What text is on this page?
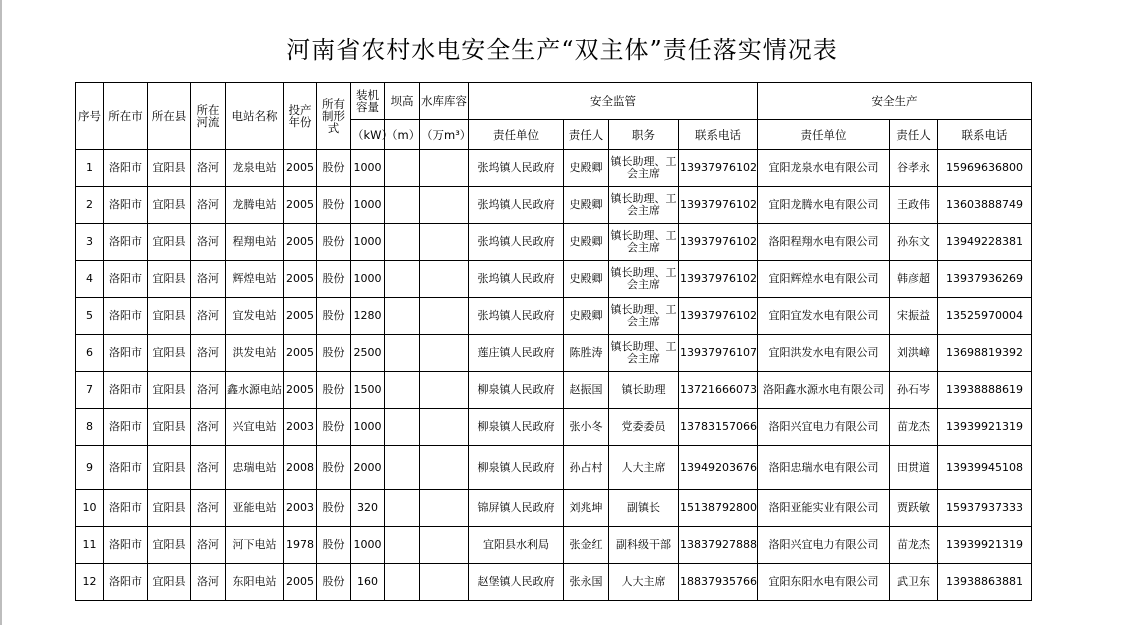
河南省农村水电安全生产“双主体”责任落实情况表
序号	所在市	所在县	所在河流	电站名称	投产年份	所有制形式	装机容量	坝高	水库库容	安全监管				安全生产		
							（kW）	（m）	（万m³）	责任单位	责任人	职务	联系电话	责任单位	责任人	联系电话
1	洛阳市	宜阳县	洛河	龙泉电站	2005	股份	1000			张坞镇人民政府	史殿卿	镇长助理、工会主席	13937976102	宜阳龙泉水电有限公司	谷孝永	15969636800
2	洛阳市	宜阳县	洛河	龙腾电站	2005	股份	1000			张坞镇人民政府	史殿卿	镇长助理、工会主席	13937976102	宜阳龙腾水电有限公司	王政伟	13603888749
3	洛阳市	宜阳县	洛河	程翔电站	2005	股份	1000			张坞镇人民政府	史殿卿	镇长助理、工会主席	13937976102	洛阳程翔水电有限公司	孙东文	13949228381
4	洛阳市	宜阳县	洛河	辉煌电站	2005	股份	1000			张坞镇人民政府	史殿卿	镇长助理、工会主席	13937976102	宜阳辉煌水电有限公司	韩彦超	13937936269
5	洛阳市	宜阳县	洛河	宜发电站	2005	股份	1280			张坞镇人民政府	史殿卿	镇长助理、工会主席	13937976102	宜阳宜发水电有限公司	宋振益	13525970004
6	洛阳市	宜阳县	洛河	洪发电站	2005	股份	2500			莲庄镇人民政府	陈胜涛	镇长助理、工会主席	13937976107	宜阳洪发水电有限公司	刘洪嶂	13698819392
7	洛阳市	宜阳县	洛河	鑫水源电站	2005	股份	1500			柳泉镇人民政府	赵振国	镇长助理	13721666073	洛阳鑫水源水电有限公司	孙石岑	13938888619
8	洛阳市	宜阳县	洛河	兴宜电站	2003	股份	1000			柳泉镇人民政府	张小冬	党委委员	13783157066	洛阳兴宜电力有限公司	苗龙杰	13939921319
9	洛阳市	宜阳县	洛河	忠瑞电站	2008	股份	2000			柳泉镇人民政府	孙占村	人大主席	13949203676	洛阳忠瑞水电有限公司	田贯道	13939945108
10	洛阳市	宜阳县	洛河	亚能电站	2003	股份	320			锦屏镇人民政府	刘兆坤	副镇长	15138792800	洛阳亚能实业有限公司	贾跃敏	15937937333
11	洛阳市	宜阳县	洛河	河下电站	1978	股份	1000			宜阳县水利局	张金红	副科级干部	13837927888	洛阳兴宜电力有限公司	苗龙杰	13939921319
12	洛阳市	宜阳县	洛河	东阳电站	2005	股份	160			赵堡镇人民政府	张永国	人大主席	18837935766	宜阳东阳水电有限公司	武卫东	13938863881
